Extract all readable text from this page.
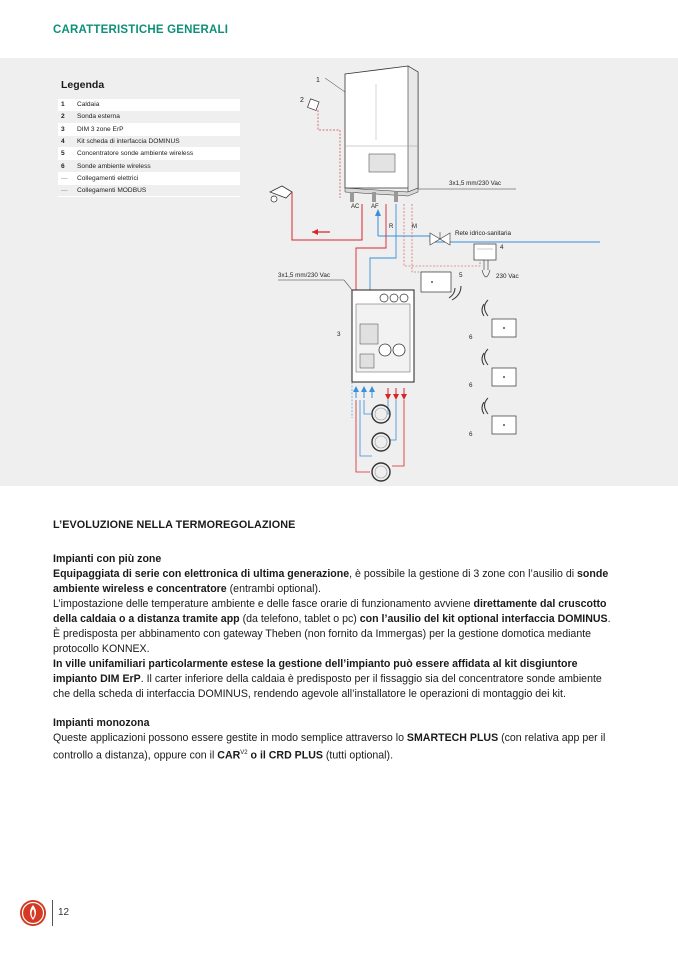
CARATTERISTICHE GENERALI
Legenda
1	Caldaia
2	Sonda esterna
3	DIM 3 zone ErP
4	Kit scheda di interfaccia DOMINUS
5	Concentratore sonde ambiente wireless
6	Sonde ambiente wireless
—	Collegamenti elettrici
—	Collegamenti MODBUS
1
2
AC AF
R	M
3x1,5 mm/230 Vac
Rete idrico-sanitaria
4
230 Vac
5
3x1,5 mm/230 Vac
3	6
6
6
L’EVOLUZIONE NELLA TERMOREGOLAZIONE
Impianti con più zone

Equipaggiata di serie con elettronica di ultima generazione, è possibile la gestione di 3 zone con l’ausilio di sonde ambiente wireless e concentratore (entrambi optional).

L’impostazione delle temperature ambiente e delle fasce orarie di funzionamento avviene direttamente dal cruscotto della caldaia o a distanza tramite app (da telefono, tablet o pc) con l’ausilio del kit optional interfaccia DOMINUS.

È predisposta per abbinamento con gateway Theben (non fornito da Immergas) per la gestione domotica mediante protocollo KONNEX.

In ville unifamiliari particolarmente estese la gestione dell’impianto può essere affidata al kit disgiuntore impianto DIM ErP. Il carter inferiore della caldaia è predisposto per il fissaggio sia del concentratore sonde ambiente che della scheda di interfaccia DOMINUS, rendendo agevole all’installatore le operazioni di montaggio dei kit.

Impianti monozona

Queste applicazioni possono essere gestite in modo semplice attraverso lo SMARTECH PLUS (con relativa app per il controllo a distanza), oppure con il $CAR^{V2}$ o il CRD PLUS (tutti optional).

12
